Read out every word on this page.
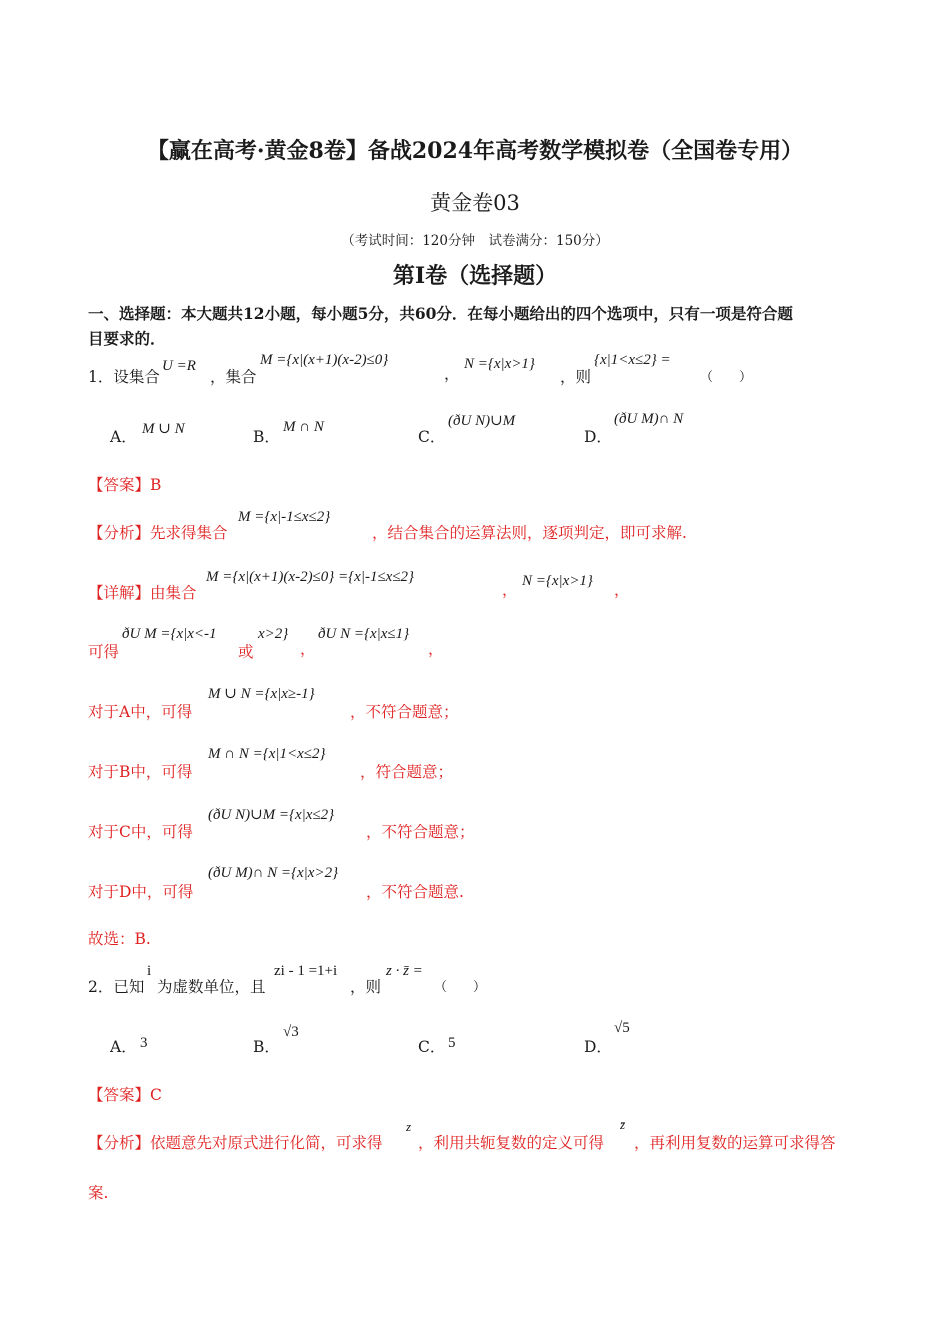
【赢在高考·黄金8卷】备战2024年高考数学模拟卷（全国卷专用）
黄金卷03
（考试时间：120分钟　试卷满分：150分）
第I卷（选择题）
一、选择题：本大题共12小题，每小题5分，共60分．在每小题给出的四个选项中，只有一项是符合题
目要求的．
1．设集合
U =R
，集合
M ={x|(x+1)(x-2)≤0}
，
N ={x|x>1}
，则
{x|1<x≤2} =
（　　）
A． M ∪ N	B．
M ∩ N
C．
(ðU N)∪M
D．
(ðU M)∩ N
【答案】B
【分析】先求得集合
M ={x|-1≤x≤2}
，结合集合的运算法则，逐项判定，即可求解.
【详解】由集合
M ={x|(x+1)(x-2)≤0} ={x|-1≤x≤2}
， N ={x|x>1} ，
可得
ðU M ={x|x<-1
或
x>2}
，
ðU N ={x|x≤1}
，
对于A中，可得
M ∪ N ={x|x≥-1}
，不符合题意；
对于B中，可得
M ∩ N ={x|1<x≤2}
，符合题意；
对于C中，可得
(ðU N)∪M ={x|x≤2}
，不符合题意；
对于D中，可得
(ðU M)∩ N ={x|x>2}
，不符合题意.
故选：B.
2．已知
i
为虚数单位，且
zi - 1 =1+i
，则
z · z̄ =
（　　）
A． 3	B．
√3
C． 5	D．
√5
【答案】C
【分析】依题意先对原式进行化简，可求得
z
，利用共轭复数的定义可得
z̄
，再利用复数的运算可求得答
案.
